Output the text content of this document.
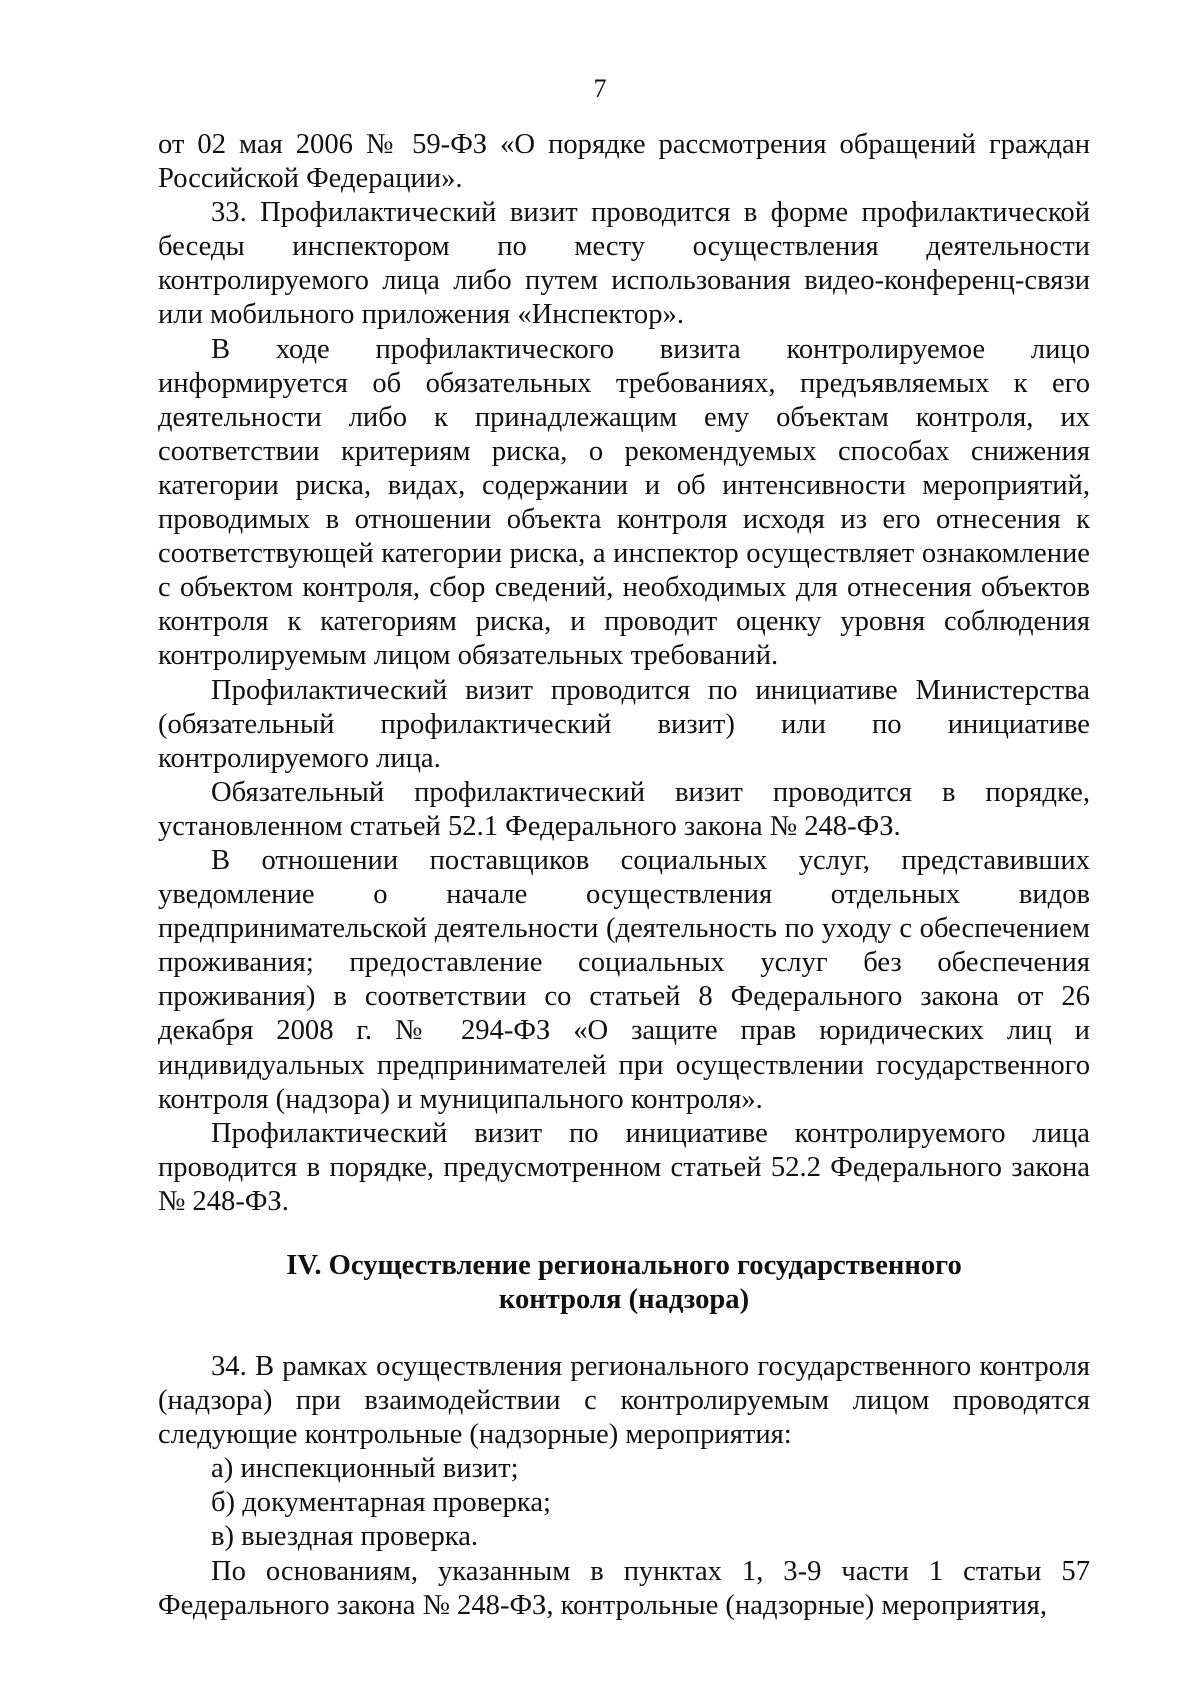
7

от 02 мая 2006 № 59-ФЗ «О порядке рассмотрения обращений граждан Российской Федерации».

33. Профилактический визит проводится в форме профилактической беседы инспектором по месту осуществления деятельности контролируемого лица либо путем использования видео-конференц-связи или мобильного приложения «Инспектор».

В ходе профилактического визита контролируемое лицо информируется об обязательных требованиях, предъявляемых к его деятельности либо к принадлежащим ему объектам контроля, их соответствии критериям риска, о рекомендуемых способах снижения категории риска, видах, содержании и об интенсивности мероприятий, проводимых в отношении объекта контроля исходя из его отнесения к соответствующей категории риска, а инспектор осуществляет ознакомление с объектом контроля, сбор сведений, необходимых для отнесения объектов контроля к категориям риска, и проводит оценку уровня соблюдения контролируемым лицом обязательных требований.

Профилактический визит проводится по инициативе Министерства (обязательный профилактический визит) или по инициативе контролируемого лица.

Обязательный профилактический визит проводится в порядке, установленном статьей 52.1 Федерального закона № 248-ФЗ.

В отношении поставщиков социальных услуг, представивших уведомление о начале осуществления отдельных видов предпринимательской деятельности (деятельность по уходу с обеспечением проживания; предоставление социальных услуг без обеспечения проживания) в соответствии со статьей 8 Федерального закона от 26 декабря 2008 г. № 294-ФЗ «О защите прав юридических лиц и индивидуальных предпринимателей при осуществлении государственного контроля (надзора) и муниципального контроля».

Профилактический визит по инициативе контролируемого лица проводится в порядке, предусмотренном статьей 52.2 Федерального закона № 248-ФЗ.

IV. Осуществление регионального государственного
контроля (надзора)

34. В рамках осуществления регионального государственного контроля (надзора) при взаимодействии с контролируемым лицом проводятся следующие контрольные (надзорные) мероприятия:

а) инспекционный визит;

б) документарная проверка;

в) выездная проверка.

По основаниям, указанным в пунктах 1, 3-9 части 1 статьи 57 Федерального закона № 248-ФЗ, контрольные (надзорные) мероприятия,
